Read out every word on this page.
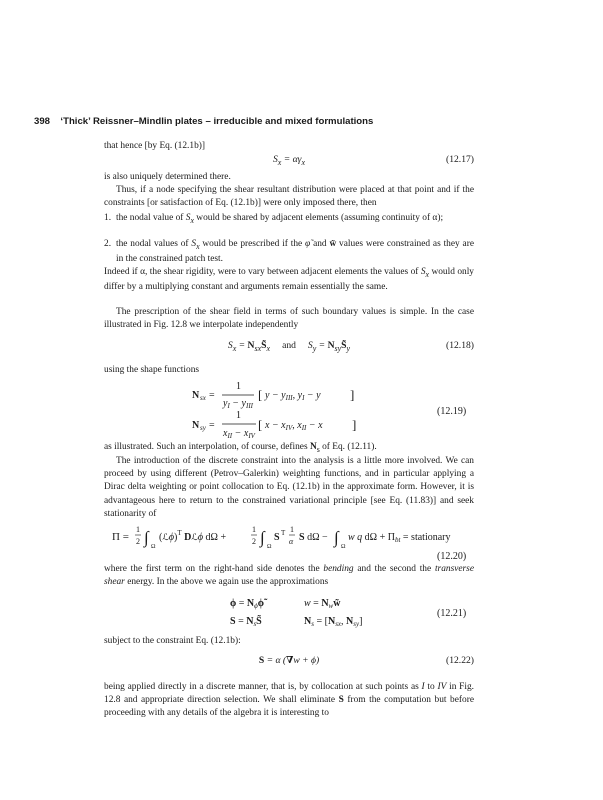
398 ‘Thick’ Reissner–Mindlin plates – irreducible and mixed formulations
that hence [by Eq. (12.1b)]
$S_x = \alpha\gamma_x$	(12.17)
is also uniquely determined there.
Thus, if a node specifying the shear resultant distribution were placed at that point and if the constraints [or satisfaction of Eq. (12.1b)] were only imposed there, then
1. the nodal value of $S_x$ would be shared by adjacent elements (assuming continuity of α);
2. the nodal values of $S_x$ would be prescribed if the φ̃ and w̃ values were constrained as they are in the constrained patch test.
Indeed if α, the shear rigidity, were to vary between adjacent elements the values of $S_x$ would only differ by a multiplying constant and arguments remain essentially the same.
The prescription of the shear field in terms of such boundary values is simple. In the case illustrated in Fig. 12.8 we interpolate independently
$S_x$ = $N_{sx}S̃_x$ and     $S_y$ = $N_{sy}S̃_y$	(12.18)
using the shape functions
N sx =
1
$y_I - y_{III}$
[ $y - y_{III}$, $y_I - y$ ]
N sy =
1
$x_{II} - x_{IV}$
[ $x - x_{IV}$, $x_{II} - x$ ]
(12.19)
as illustrated. Such an interpolation, of course, defines $N_s$ of Eq. (12.11).
The introduction of the discrete constraint into the analysis is a little more involved. We can proceed by using different (Petrov–Galerkin) weighting functions, and in particular applying a Dirac delta weighting or point collocation to Eq. (12.1b) in the approximate form. However, it is advantageous here to return to the constrained variational principle [see Eq. (11.83)] and seek stationarity of
Π =
1
2 ∫ Ω
(ℒϕ)$^T$ Dℒϕ dΩ +
1
2 ∫ Ω
S T 1
α S dΩ − ∫ Ω
w q $d\Omega + \Pi_{bt}$ = stationary
(12.20)
where the first term on the right-hand side denotes the bending and the second the transverse shear energy. In the above we again use the approximations
$\phi = N_\phi\phĩ$	$w = N_ww̃$
$S = N_sS̃$	$N_s = [N_{sx}$, $N_{sy}$]
(12.21)
subject to the constraint Eq. (12.1b):
S = α (∇w + ϕ)	(12.22)
being applied directly in a discrete manner, that is, by collocation at such points as I to IV in Fig. 12.8 and appropriate direction selection. We shall eliminate S from the computation but before proceeding with any details of the algebra it is interesting to
